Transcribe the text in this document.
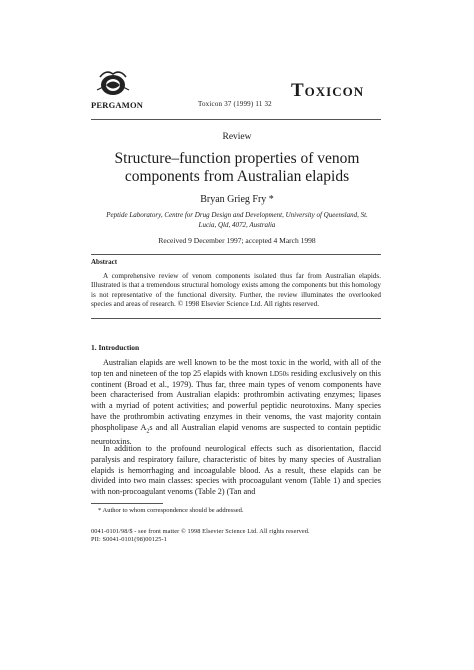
PERGAMON	Toxicon 37 (1999) 11 32
Toxicon
Review
Structure–function properties of venom components from Australian elapids
Bryan Grieg Fry *
Peptide Laboratory, Centre for Drug Design and Development, University of Queensland, St. Lucia, Qld, 4072, Australia
Received 9 December 1997; accepted 4 March 1998
Abstract
A comprehensive review of venom components isolated thus far from Australian elapids. Illustrated is that a tremendous structural homology exists among the components but this homology is not representative of the functional diversity. Further, the review illuminates the overlooked species and areas of research. © 1998 Elsevier Science Ltd. All rights reserved.
1. Introduction
Australian elapids are well known to be the most toxic in the world, with all of the top ten and nineteen of the top 25 elapids with known LD50s residing exclusively on this continent (Broad et al., 1979). Thus far, three main types of venom components have been characterised from Australian elapids: prothrombin activating enzymes; lipases with a myriad of potent activities; and powerful peptidic neurotoxins. Many species have the prothrombin activating enzymes in their venoms, the vast majority contain phospholipase $A_2s$ and all Australian elapid venoms are suspected to contain peptidic neurotoxins.
In addition to the profound neurological effects such as disorientation, flaccid paralysis and respiratory failure, characteristic of bites by many species of Australian elapids is hemorrhaging and incoagulable blood. As a result, these elapids can be divided into two main classes: species with procoagulant venom (Table 1) and species with non-procoagulant venoms (Table 2) (Tan and
* Author to whom correspondence should be addressed.
0041-0101/98/$ - see front matter © 1998 Elsevier Science Ltd. All rights reserved.
PII: S0041-0101(98)00125-1
